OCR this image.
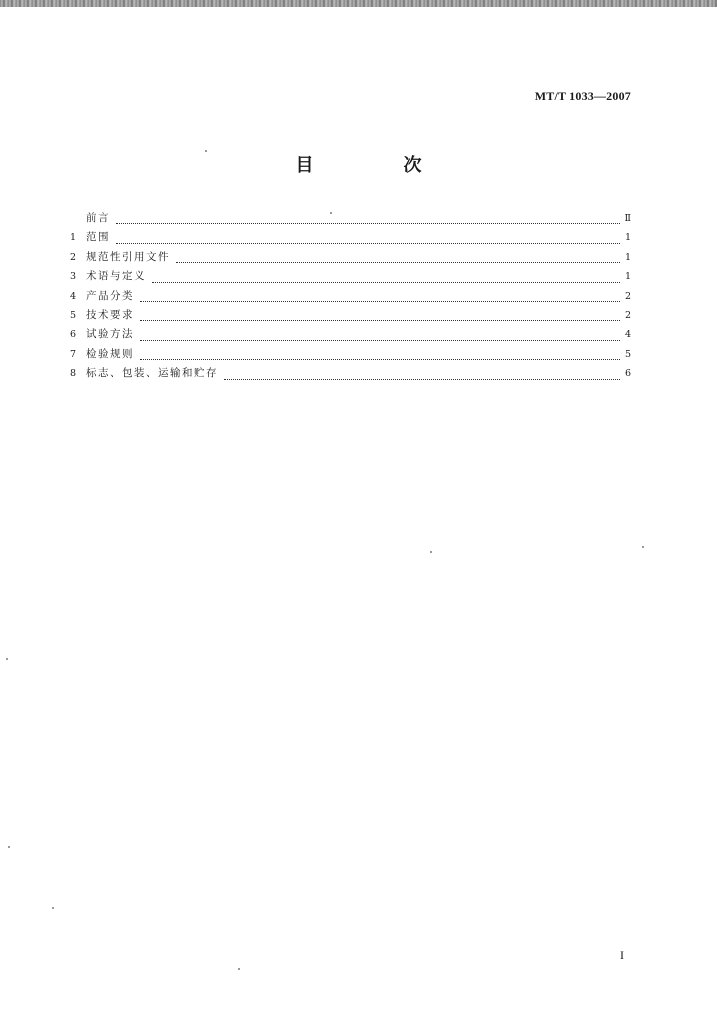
MT/T 1033—2007
目　次
前言	Ⅱ
1 范围	1
2 规范性引用文件	1
3 术语与定义	1
4 产品分类	2
5 技术要求	2
6 试验方法	4
7 检验规则	5
8 标志、包装、运输和贮存	6
I
